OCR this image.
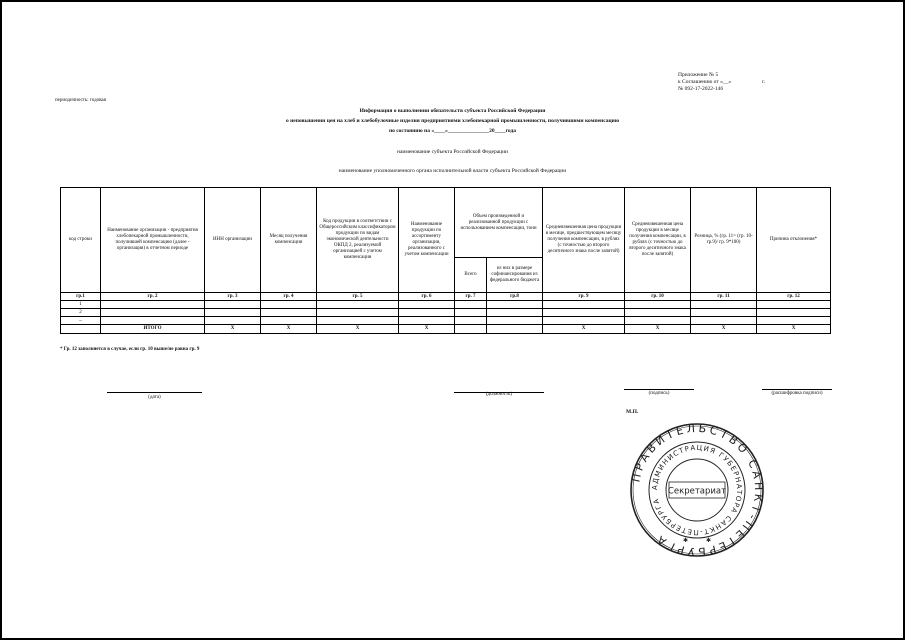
Приложение № 5
к Соглашению от «__»
№ 092-17-2022-146
г.
периодичность: годовая
Информация о выполнении обязательств субъекта Российской Федерации
о неповышении цен на хлеб и хлебобулочные изделия предприятиями хлебопекарной промышленности, получившими компенсацию
по состоянию на «____»_______________20____года
наименование субъекта Российской Федерации
наименование уполномоченного органа исполнительной власти субъекта Российской Федерации
код строки	Наименование организации - предприятия хлебопекарной промышленности, получившей компенсацию (далее - организация) в отчетном периоде	ИНН организации	Месяц получения компенсации	Код продукции в соответствии с Общероссийским классификатором продукции по видам экономической деятельности ОКПД 2, реализуемой организацией с учетом компенсации	Наименование продукции по ассортименту организации, реализованного с учетом компенсации	Объем произведенной и реализованной продукции с использованием компенсации, тонн		Средневзвешенная цена продукции в месяце, предшествующем месяцу получения компенсации, в рублях (с точностью до второго десятичного знака после запятой)	Средневзвешенная цена продукции в месяце получения компенсации, в рублях (с точностью до второго десятичного знака после запятой)	Розница, % (гр. 11= (гр. 10-гр.9)/ гр. 9*100)	Причина отклонения*
						Всего	из них в размере софинансирования из федерального бюджета				
гр.1	гр. 2	гр. 3	гр. 4	гр. 5	гр. 6	гр. 7	гр.8	гр. 9	гр. 10	гр. 11	гр. 12
1											
2											
...											
	ИТОГО	X	X	X	X			X	X	X	X
* Гр. 12 заполняется в случае, если гр. 10 выше/не равна гр. 9
(дата)
(должность)	(подпись)	(расшифровка подписи)
М.П.
ПРАВИТЕЛЬСТВО САНКТ-ПЕТЕРБУРГА
АДМИНИСТРАЦИЯ ГУБЕРНАТОРА САНКТ-ПЕТЕРБУРГА
Секретариат
✱	✱
